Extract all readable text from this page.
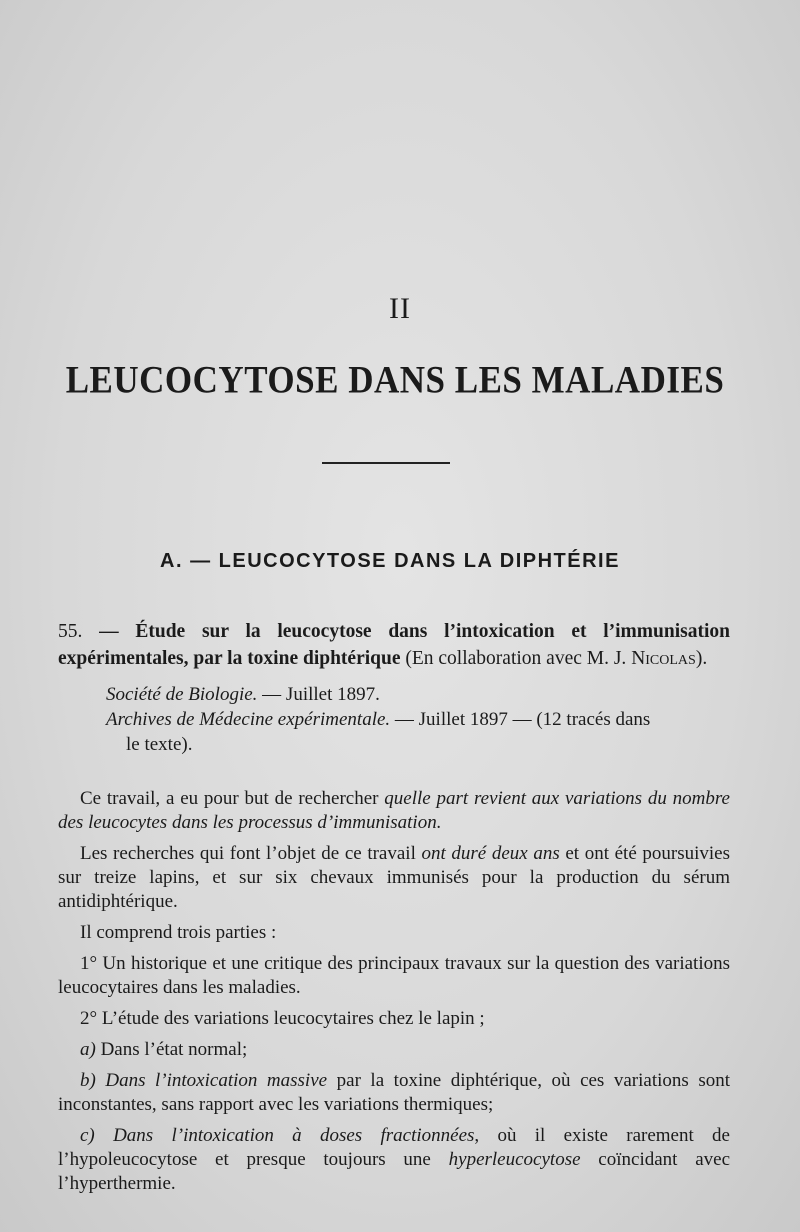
II
LEUCOCYTOSE DANS LES MALADIES
A. — LEUCOCYTOSE DANS LA DIPHTÉRIE
55. — Étude sur la leucocytose dans l’intoxication et l’immunisation expérimentales, par la toxine diphtérique (En collaboration avec M. J. Nicolas).

Société de Biologie. — Juillet 1897.

Archives de Médecine expérimentale. — Juillet 1897 — (12 tracés dans

le texte).

Ce travail, a eu pour but de rechercher quelle part revient aux variations du nombre des leucocytes dans les processus d’immunisation.

Les recherches qui font l’objet de ce travail ont duré deux ans et ont été poursuivies sur treize lapins, et sur six chevaux immunisés pour la production du sérum antidiphtérique.

Il comprend trois parties :

1° Un historique et une critique des principaux travaux sur la question des variations leucocytaires dans les maladies.

2° L’étude des variations leucocytaires chez le lapin ;

a) Dans l’état normal;

b) Dans l’intoxication massive par la toxine diphtérique, où ces variations sont inconstantes, sans rapport avec les variations thermiques;

c) Dans l’intoxication à doses fractionnées, où il existe rarement de l’hypoleucocytose et presque toujours une hyperleucocytose coïncidant avec l’hyperthermie.
